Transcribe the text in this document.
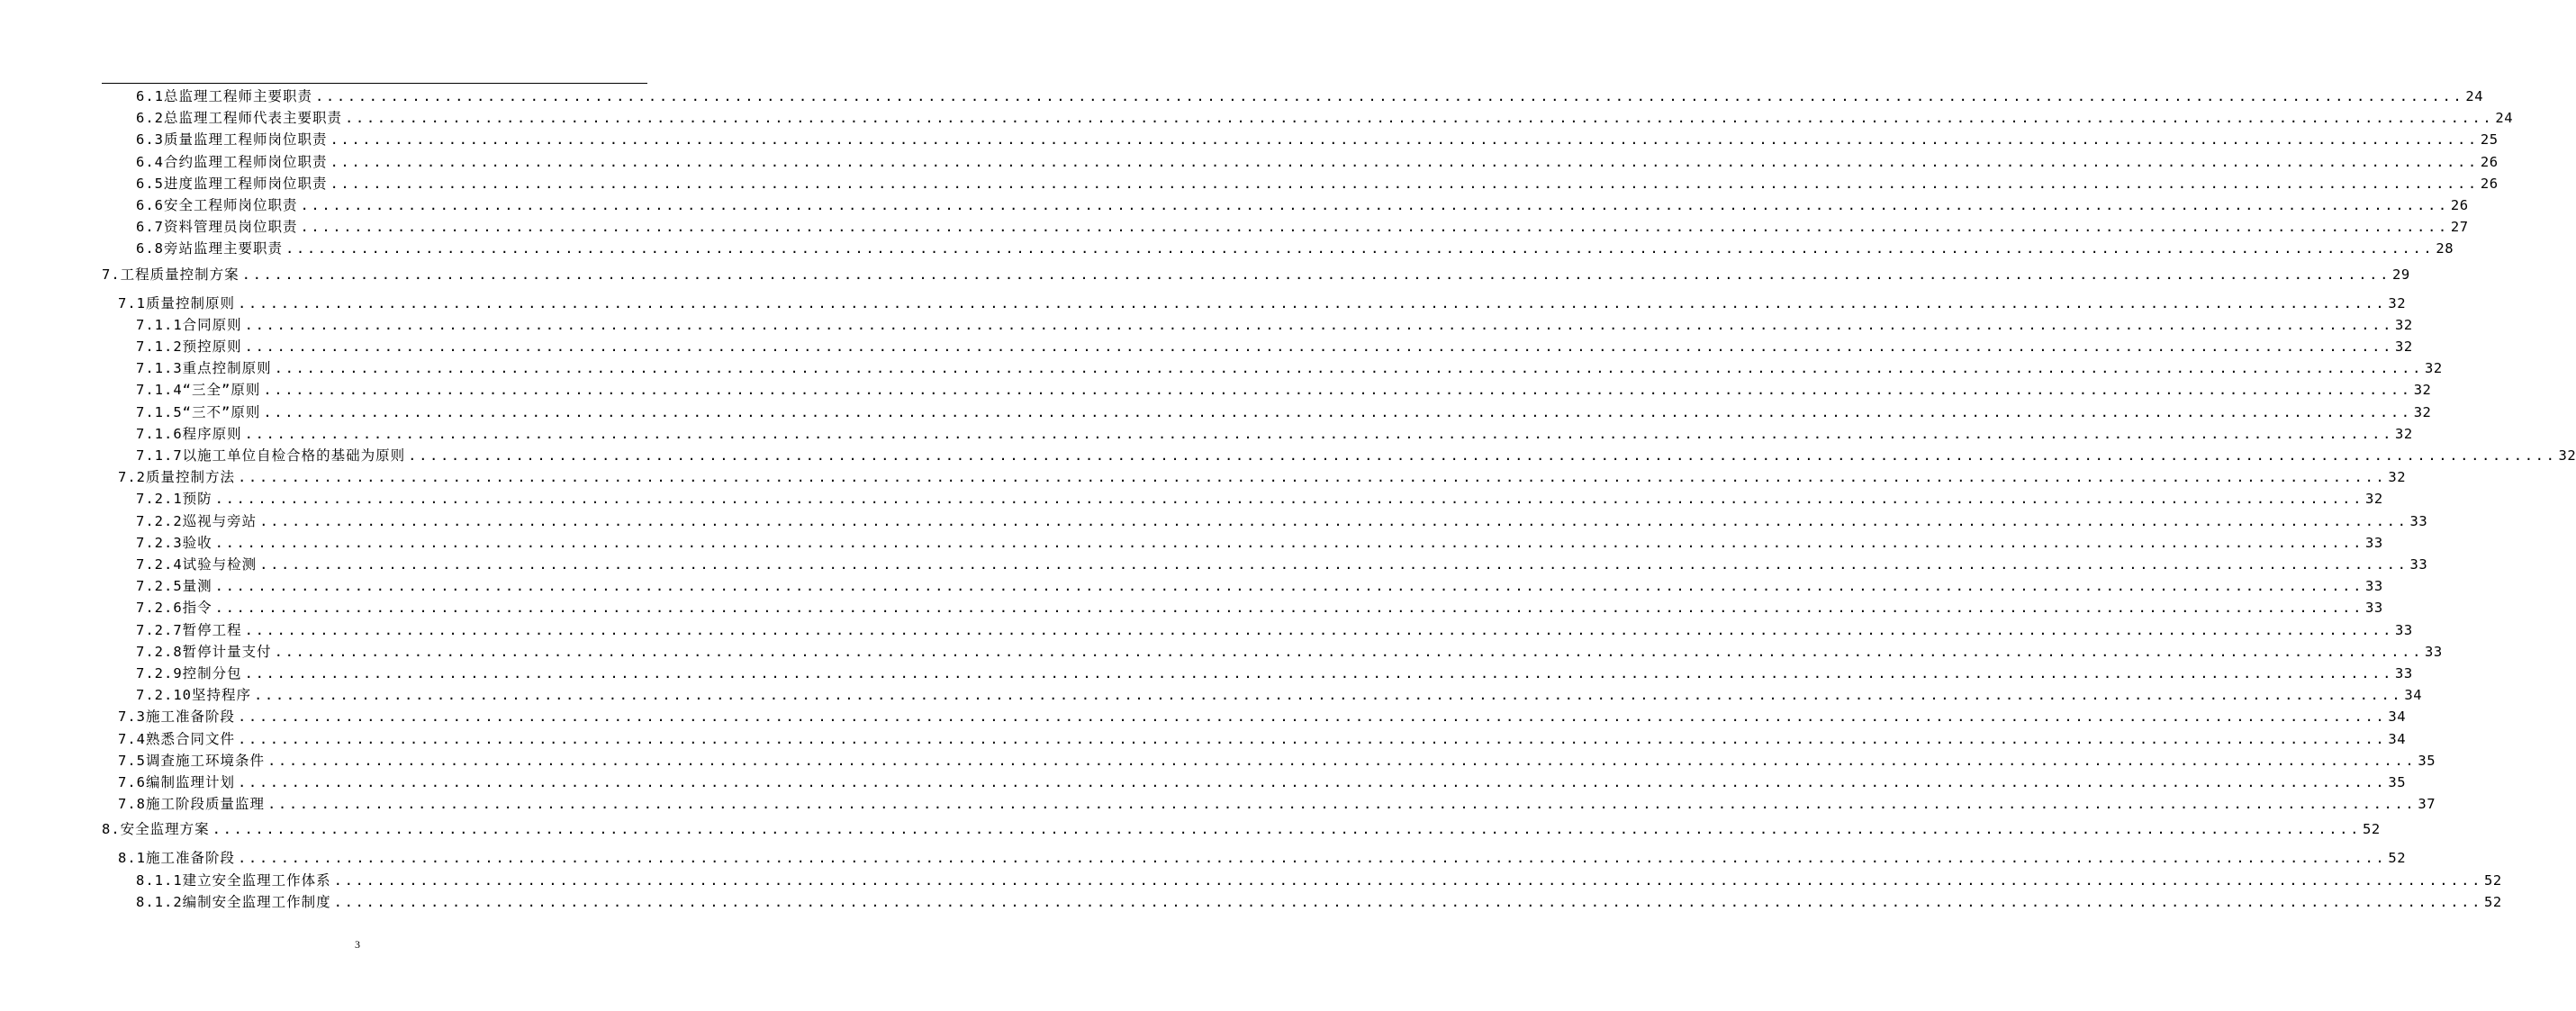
6.1总监理工程师主要职责 ........................................................................................................................................................................................................ 24
6.2总监理工程师代表主要职责 ........................................................................................................................................................................................................ 24
6.3质量监理工程师岗位职责 ........................................................................................................................................................................................................ 25
6.4合约监理工程师岗位职责 ........................................................................................................................................................................................................ 26
6.5进度监理工程师岗位职责 ........................................................................................................................................................................................................ 26
6.6安全工程师岗位职责 ........................................................................................................................................................................................................ 26
6.7资料管理员岗位职责 ........................................................................................................................................................................................................ 27
6.8旁站监理主要职责 ........................................................................................................................................................................................................ 28
7.工程质量控制方案 ........................................................................................................................................................................................................ 29
7.1质量控制原则 ........................................................................................................................................................................................................ 32
7.1.1合同原则 ........................................................................................................................................................................................................ 32
7.1.2预控原则 ........................................................................................................................................................................................................ 32
7.1.3重点控制原则 ........................................................................................................................................................................................................ 32
7.1.4“三全”原则 ........................................................................................................................................................................................................ 32
7.1.5“三不”原则 ........................................................................................................................................................................................................ 32
7.1.6程序原则 ........................................................................................................................................................................................................ 32
7.1.7以施工单位自检合格的基础为原则 ........................................................................................................................................................................................................ 32
7.2质量控制方法 ........................................................................................................................................................................................................ 32
7.2.1预防 ........................................................................................................................................................................................................ 32
7.2.2巡视与旁站 ........................................................................................................................................................................................................ 33
7.2.3验收 ........................................................................................................................................................................................................ 33
7.2.4试验与检测 ........................................................................................................................................................................................................ 33
7.2.5量测 ........................................................................................................................................................................................................ 33
7.2.6指令 ........................................................................................................................................................................................................ 33
7.2.7暂停工程 ........................................................................................................................................................................................................ 33
7.2.8暂停计量支付 ........................................................................................................................................................................................................ 33
7.2.9控制分包 ........................................................................................................................................................................................................ 33
7.2.10坚持程序 ........................................................................................................................................................................................................ 34
7.3施工准备阶段 ........................................................................................................................................................................................................ 34
7.4熟悉合同文件 ........................................................................................................................................................................................................ 34
7.5调查施工环境条件 ........................................................................................................................................................................................................ 35
7.6编制监理计划 ........................................................................................................................................................................................................ 35
7.8施工阶段质量监理 ........................................................................................................................................................................................................ 37
8.安全监理方案 ........................................................................................................................................................................................................ 52
8.1施工准备阶段 ........................................................................................................................................................................................................ 52
8.1.1建立安全监理工作体系 ........................................................................................................................................................................................................ 52
8.1.2编制安全监理工作制度 ........................................................................................................................................................................................................ 52
3
